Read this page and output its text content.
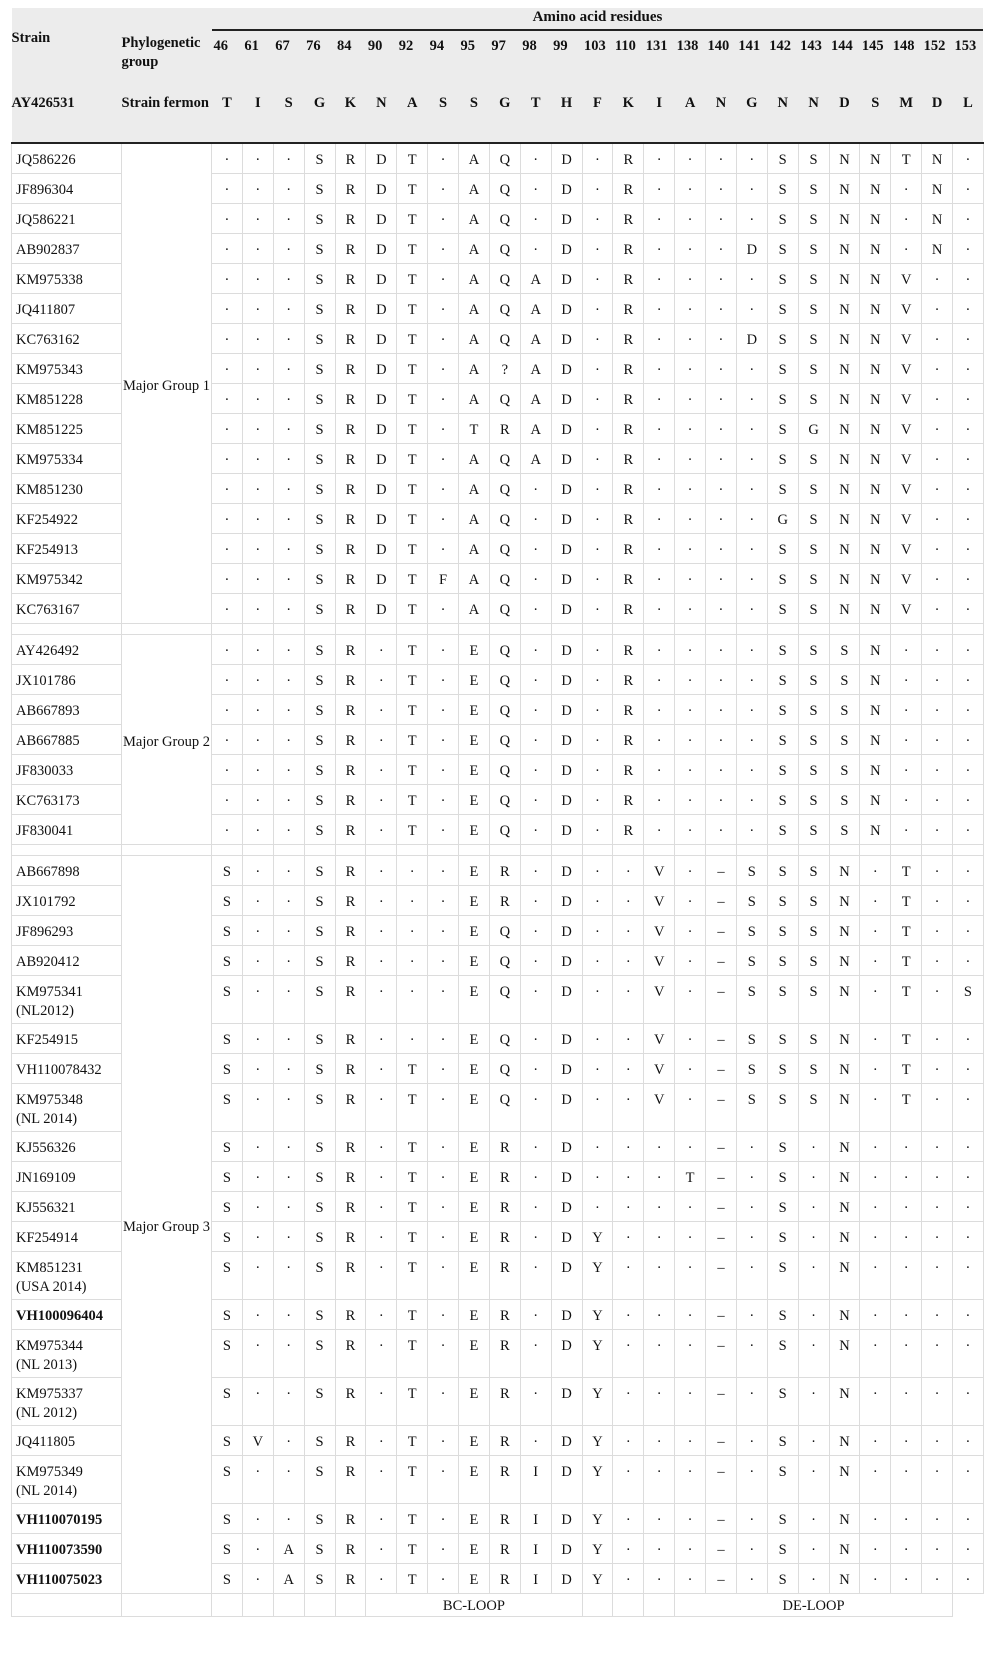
Strain		Amino acid residues																								
	Phylogenetic group	46	61	67	76	84	90	92	94	95	97	98	99	103	110	131	138	140	141	142	143	144	145	148	152	153
AY426531	Strain fermon	T	I	S	G	K	N	A	S	S	G	T	H	F	K	I	A	N	G	N	N	D	S	M	D	L
JQ586226	Major Group 1	·	·	·	S	R	D	T	·	A	Q	·	D	·	R	·	·	·	·	S	S	N	N	T	N	·
JF896304		·	·	·	S	R	D	T	·	A	Q	·	D	·	R	·	·	·	·	S	S	N	N	·	N	·
JQ586221		·	·	·	S	R	D	T	·	A	Q	·	D	·	R	·	·	·	·	S	S	N	N	·	N	·
AB902837		·	·	·	S	R	D	T	·	A	Q	·	D	·	R	·	·	·	D	S	S	N	N	·	N	·
KM975338		·	·	·	S	R	D	T	·	A	Q	A	D	·	R	·	·	·	·	S	S	N	N	V	·	·
JQ411807		·	·	·	S	R	D	T	·	A	Q	A	D	·	R	·	·	·	·	S	S	N	N	V	·	·
KC763162		·	·	·	S	R	D	T	·	A	Q	A	D	·	R	·	·	·	D	S	S	N	N	V	·	·
KM975343		·	·	·	S	R	D	T	·	A	?	A	D	·	R	·	·	·	·	S	S	N	N	V	·	·
KM851228		·	·	·	S	R	D	T	·	A	Q	A	D	·	R	·	·	·	·	S	S	N	N	V	·	·
KM851225		·	·	·	S	R	D	T	·	T	R	A	D	·	R	·	·	·	·	S	G	N	N	V	·	·
KM975334		·	·	·	S	R	D	T	·	A	Q	A	D	·	R	·	·	·	·	S	S	N	N	V	·	·
KM851230		·	·	·	S	R	D	T	·	A	Q	·	D	·	R	·	·	·	·	S	S	N	N	V	·	·
KF254922		·	·	·	S	R	D	T	·	A	Q	·	D	·	R	·	·	·	·	G	S	N	N	V	·	·
KF254913		·	·	·	S	R	D	T	·	A	Q	·	D	·	R	·	·	·	·	S	S	N	N	V	·	·
KM975342		·	·	·	S	R	D	T	F	A	Q	·	D	·	R	·	·	·	·	S	S	N	N	V	·	·
KC763167		·	·	·	S	R	D	T	·	A	Q	·	D	·	R	·	·	·	·	S	S	N	N	V	·	·

AY426492	Major Group 2	·	·	·	S	R	·	T	·	E	Q	·	D	·	R	·	·	·	·	S	S	S	N	·	·	·
JX101786		·	·	·	S	R	·	T	·	E	Q	·	D	·	R	·	·	·	·	S	S	S	N	·	·	·
AB667893		·	·	·	S	R	·	T	·	E	Q	·	D	·	R	·	·	·	·	S	S	S	N	·	·	·
AB667885		·	·	·	S	R	·	T	·	E	Q	·	D	·	R	·	·	·	·	S	S	S	N	·	·	·
JF830033		·	·	·	S	R	·	T	·	E	Q	·	D	·	R	·	·	·	·	S	S	S	N	·	·	·
KC763173		·	·	·	S	R	·	T	·	E	Q	·	D	·	R	·	·	·	·	S	S	S	N	·	·	·
JF830041		·	·	·	S	R	·	T	·	E	Q	·	D	·	R	·	·	·	·	S	S	S	N	·	·	·

AB667898	Major Group 3	S	·	·	S	R	·	·	·	E	R	·	D	·	·	V	·	–	S	S	S	N	·	T	·	·
JX101792		S	·	·	S	R	·	·	·	E	R	·	D	·	·	V	·	–	S	S	S	N	·	T	·	·
JF896293		S	·	·	S	R	·	·	·	E	Q	·	D	·	·	V	·	–	S	S	S	N	·	T	·	·
AB920412		S	·	·	S	R	·	·	·	E	Q	·	D	·	·	V	·	–	S	S	S	N	·	T	·	·
KM975341
(NL2012)		S	·	·	S	R	·	·	·	E	Q	·	D	·	·	V	·	–	S	S	S	N	·	T	·	S
KF254915		S	·	·	S	R	·	·	·	E	Q	·	D	·	·	V	·	–	S	S	S	N	·	T	·	·
VH110078432		S	·	·	S	R	·	T	·	E	Q	·	D	·	·	V	·	–	S	S	S	N	·	T	·	·
KM975348
(NL 2014)		S	·	·	S	R	·	T	·	E	Q	·	D	·	·	V	·	–	S	S	S	N	·	T	·	·
KJ556326		S	·	·	S	R	·	T	·	E	R	·	D	·	·	·	·	–	·	S	·	N	·	·	·	·
JN169109		S	·	·	S	R	·	T	·	E	R	·	D	·	·	·	T	–	·	S	·	N	·	·	·	·
KJ556321		S	·	·	S	R	·	T	·	E	R	·	D	·	·	·	·	–	·	S	·	N	·	·	·	·
KF254914		S	·	·	S	R	·	T	·	E	R	·	D	Y	·	·	·	–	·	S	·	N	·	·	·	·
KM851231
(USA 2014)		S	·	·	S	R	·	T	·	E	R	·	D	Y	·	·	·	–	·	S	·	N	·	·	·	·
VH100096404		S	·	·	S	R	·	T	·	E	R	·	D	Y	·	·	·	–	·	S	·	N	·	·	·	·
KM975344
(NL 2013)		S	·	·	S	R	·	T	·	E	R	·	D	Y	·	·	·	–	·	S	·	N	·	·	·	·
KM975337
(NL 2012)		S	·	·	S	R	·	T	·	E	R	·	D	Y	·	·	·	–	·	S	·	N	·	·	·	·
JQ411805		S	V	·	S	R	·	T	·	E	R	·	D	Y	·	·	·	–	·	S	·	N	·	·	·	·
KM975349
(NL 2014)		S	·	·	S	R	·	T	·	E	R	I	D	Y	·	·	·	–	·	S	·	N	·	·	·	·
VH110070195		S	·	·	S	R	·	T	·	E	R	I	D	Y	·	·	·	–	·	S	·	N	·	·	·	·
VH110073590		S	·	A	S	R	·	T	·	E	R	I	D	Y	·	·	·	–	·	S	·	N	·	·	·	·
VH110075023		S	·	A	S	R	·	T	·	E	R	I	D	Y	·	·	·	–	·	S	·	N	·	·	·	·
							BC-LOOP										DE-LOOP									
